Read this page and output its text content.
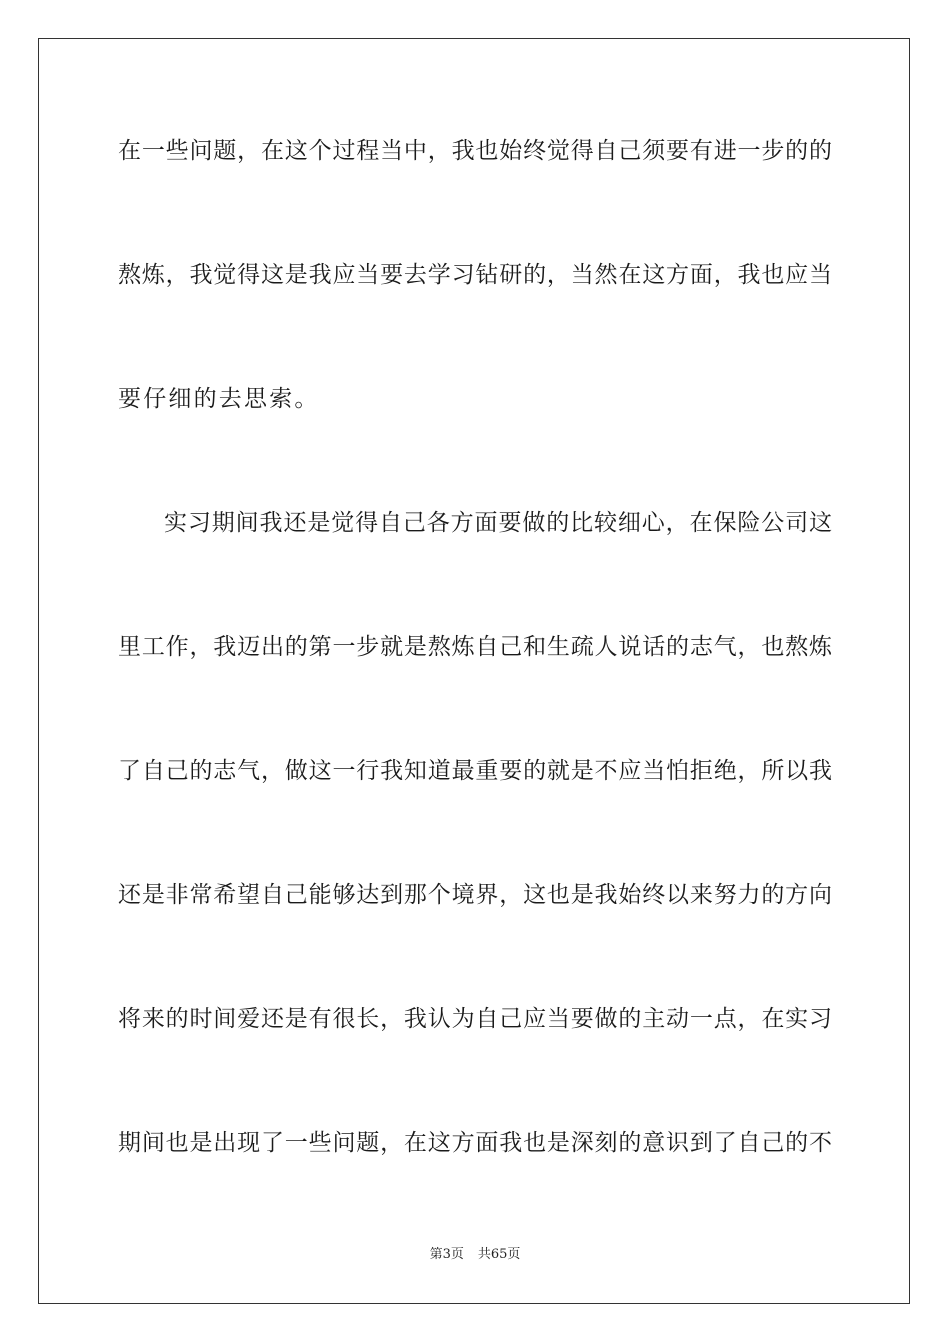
在一些问题，在这个过程当中，我也始终觉得自己须要有进一步的的
熬炼，我觉得这是我应当要去学习钻研的，当然在这方面，我也应当
要仔细的去思索。
实习期间我还是觉得自己各方面要做的比较细心，在保险公司这
里工作，我迈出的第一步就是熬炼自己和生疏人说话的志气，也熬炼
了自己的志气，做这一行我知道最重要的就是不应当怕拒绝，所以我
还是非常希望自己能够达到那个境界，这也是我始终以来努力的方向
将来的时间爱还是有很长，我认为自己应当要做的主动一点，在实习
期间也是出现了一些问题，在这方面我也是深刻的意识到了自己的不
第3页 共65页
